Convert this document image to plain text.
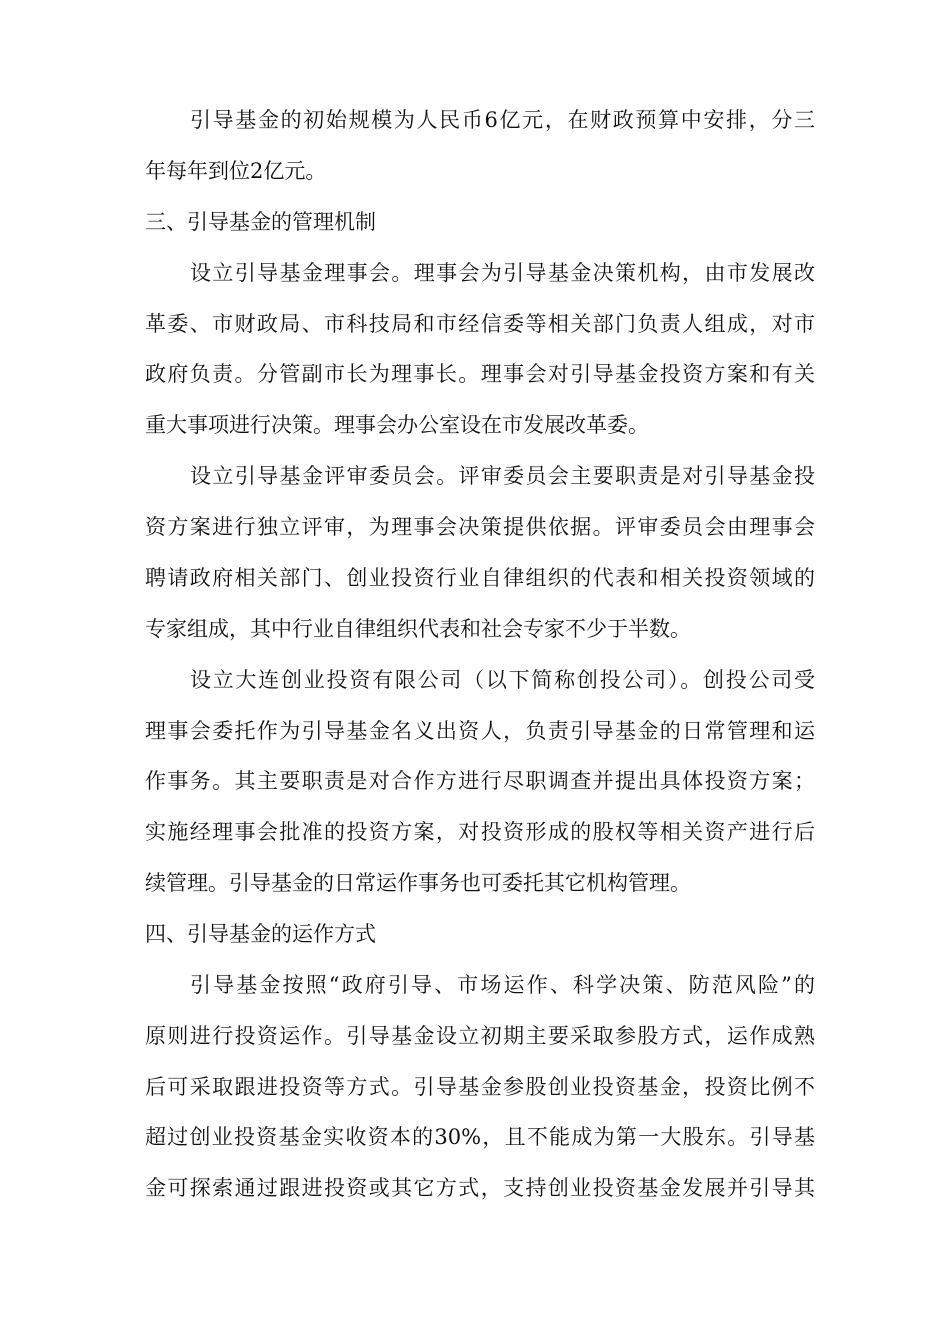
引导基金的初始规模为人民币6亿元，在财政预算中安排，分三
年每年到位2亿元。
三、引导基金的管理机制
设立引导基金理事会。理事会为引导基金决策机构，由市发展改
革委、市财政局、市科技局和市经信委等相关部门负责人组成，对市
政府负责。分管副市长为理事长。理事会对引导基金投资方案和有关
重大事项进行决策。理事会办公室设在市发展改革委。
设立引导基金评审委员会。评审委员会主要职责是对引导基金投
资方案进行独立评审，为理事会决策提供依据。评审委员会由理事会
聘请政府相关部门、创业投资行业自律组织的代表和相关投资领域的
专家组成，其中行业自律组织代表和社会专家不少于半数。
设立大连创业投资有限公司（以下简称创投公司）。创投公司受
理事会委托作为引导基金名义出资人，负责引导基金的日常管理和运
作事务。其主要职责是对合作方进行尽职调查并提出具体投资方案；
实施经理事会批准的投资方案，对投资形成的股权等相关资产进行后
续管理。引导基金的日常运作事务也可委托其它机构管理。
四、引导基金的运作方式
引导基金按照“政府引导、市场运作、科学决策、防范风险”的
原则进行投资运作。引导基金设立初期主要采取参股方式，运作成熟
后可采取跟进投资等方式。引导基金参股创业投资基金，投资比例不
超过创业投资基金实收资本的30%，且不能成为第一大股东。引导基
金可探索通过跟进投资或其它方式，支持创业投资基金发展并引导其
